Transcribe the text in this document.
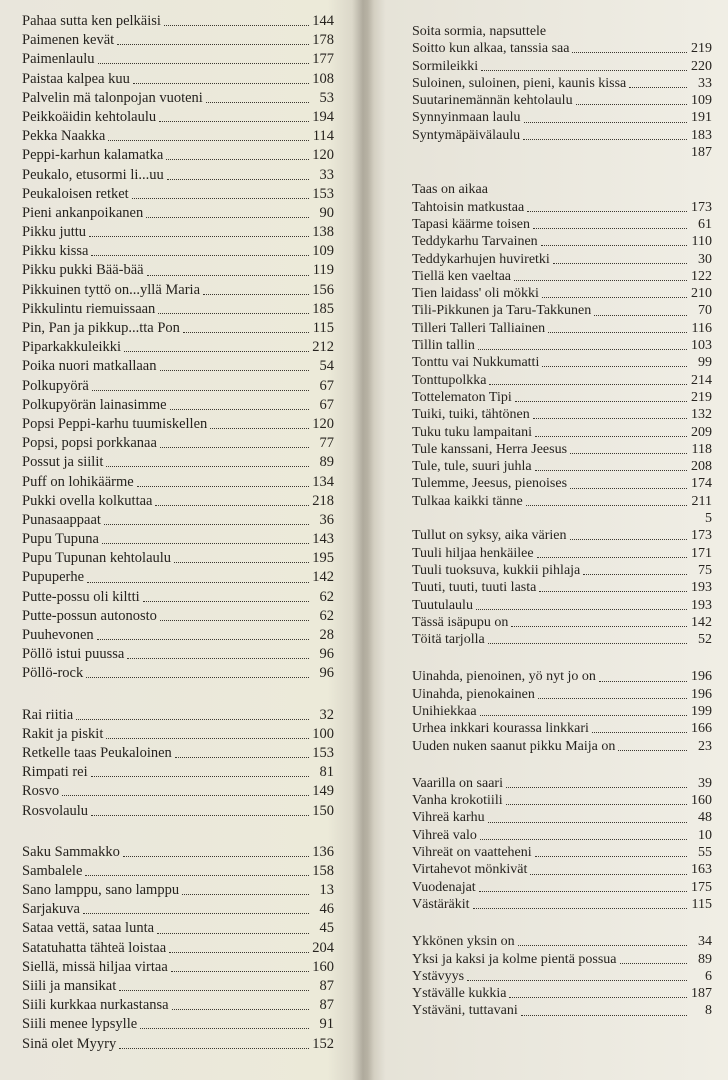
Pahaa sutta ken pelkäisi	144
Paimenen kevät	178
Paimenlaulu	177
Paistaa kalpea kuu	108
Palvelin mä talonpojan vuoteni	53
Peikkoäidin kehtolaulu	194
Pekka Naakka	114
Peppi-karhun kalamatka	120
Peukalo, etusormi li...uu	33
Peukaloisen retket	153
Pieni ankanpoikanen	90
Pikku juttu	138
Pikku kissa	109
Pikku pukki Bää-bää	119
Pikkuinen tyttö on...yllä Maria	156
Pikkulintu riemuissaan	185
Pin, Pan ja pikkup...tta Pon	115
Piparkakkuleikki	212
Poika nuori matkallaan	54
Polkupyörä	67
Polkupyörän lainasimme	67
Popsi Peppi-karhu tuumiskellen	120
Popsi, popsi porkkanaa	77
Possut ja siilit	89
Puff on lohikäärme	134
Pukki ovella kolkuttaa	218
Punasaappaat	36
Pupu Tupuna	143
Pupu Tupunan kehtolaulu	195
Pupuperhe	142
Putte-possu oli kiltti	62
Putte-possun autonosto	62
Puuhevonen	28
Pöllö istui puussa	96
Pöllö-rock	96
Rai riitia	32
Rakit ja piskit	100
Retkelle taas Peukaloinen	153
Rimpati rei	81
Rosvo	149
Rosvolaulu	150
Saku Sammakko	136
Sambalele	158
Sano lamppu, sano lamppu	13
Sarjakuva	46
Sataa vettä, sataa lunta	45
Satatuhatta tähteä loistaa	204
Siellä, missä hiljaa virtaa	160
Siili ja mansikat	87
Siili kurkkaa nurkastansa	87
Siili menee lypsylle	91
Sinä olet Myyry	152
Soita sormia, napsuttele
Soitto kun alkaa, tanssia saa	219
Sormileikki	220
Suloinen, suloinen, pieni, kaunis kissa	33
Suutarinemännän kehtolaulu	109
Synnyinmaan laulu	191
Syntymäpäivälaulu	183
187
Taas on aikaa
Tahtoisin matkustaa	173
Tapasi käärme toisen	61
Teddykarhu Tarvainen	110
Teddykarhujen huviretki	30
Tiellä ken vaeltaa	122
Tien laidass' oli mökki	210
Tili-Pikkunen ja Taru-Takkunen	70
Tilleri Talleri Talliainen	116
Tillin tallin	103
Tonttu vai Nukkumatti	99
Tonttupolkka	214
Tottelematon Tipi	219
Tuiki, tuiki, tähtönen	132
Tuku tuku lampaitani	209
Tule kanssani, Herra Jeesus	118
Tule, tule, suuri juhla	208
Tulemme, Jeesus, pienoises	174
Tulkaa kaikki tänne	211
5
Tullut on syksy, aika värien	173
Tuuli hiljaa henkäilee	171
Tuuli tuoksuva, kukkii pihlaja	75
Tuuti, tuuti, tuuti lasta	193
Tuutulaulu	193
Tässä isäpupu on	142
Töitä tarjolla	52
Uinahda, pienoinen, yö nyt jo on	196
Uinahda, pienokainen	196
Unihiekkaa	199
Urhea inkkari kourassa linkkari	166
Uuden nuken saanut pikku Maija on	23
Vaarilla on saari	39
Vanha krokotiili	160
Vihreä karhu	48
Vihreä valo	10
Vihreät on vaatteheni	55
Virtahevot mönkivät	163
Vuodenajat	175
Västäräkit	115
Ykkönen yksin on	34
Yksi ja kaksi ja kolme pientä possua	89
Ystävyys	6
Ystävälle kukkia	187
Ystäväni, tuttavani	8
